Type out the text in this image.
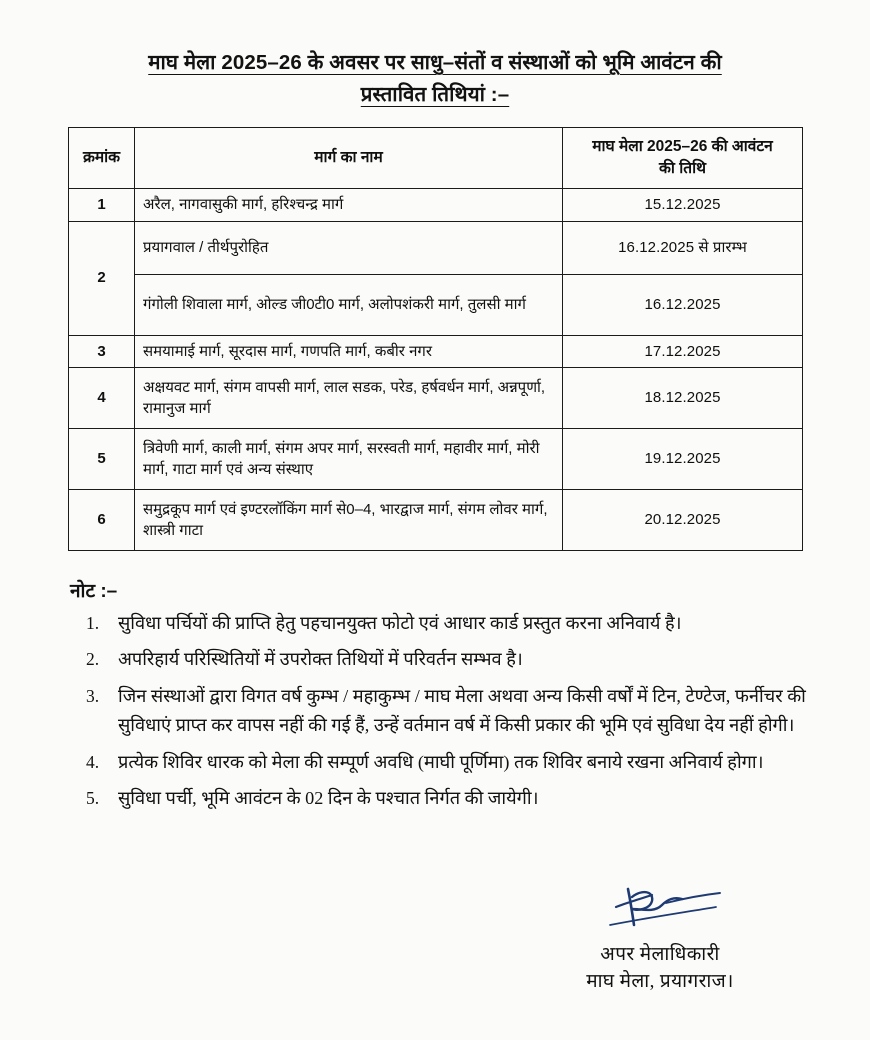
माघ मेला 2025–26 के अवसर पर साधु–संतों व संस्थाओं को भूमि आवंटन की
प्रस्तावित तिथियां :–
क्रमांक	मार्ग का नाम	माघ मेला 2025–26 की आवंटन
की तिथि
1	अरैल, नागवासुकी मार्ग, हरिश्चन्द्र मार्ग	15.12.2025
2	प्रयागवाल / तीर्थपुरोहित	16.12.2025 से प्रारम्भ
	गंगोली शिवाला मार्ग, ओल्ड जी0टी0 मार्ग, अलोपशंकरी मार्ग, तुलसी मार्ग	16.12.2025
3	समयामाई मार्ग, सूरदास मार्ग, गणपति मार्ग, कबीर नगर	17.12.2025
4	अक्षयवट मार्ग, संगम वापसी मार्ग, लाल सडक, परेड, हर्षवर्धन मार्ग, अन्नपूर्णा, रामानुज मार्ग	18.12.2025
5	त्रिवेणी मार्ग, काली मार्ग, संगम अपर मार्ग, सरस्वती मार्ग, महावीर मार्ग, मोरी मार्ग, गाटा मार्ग एवं अन्य संस्थाए	19.12.2025
6	समुद्रकूप मार्ग एवं इण्टरलॉकिंग मार्ग से0–4, भारद्वाज मार्ग, संगम लोवर मार्ग, शास्त्री गाटा	20.12.2025
नोट :–
सुविधा पर्चियों की प्राप्ति हेतु पहचानयुक्त फोटो एवं आधार कार्ड प्रस्तुत करना अनिवार्य है।
अपरिहार्य परिस्थितियों में उपरोक्त तिथियों में परिवर्तन सम्भव है।
जिन संस्थाओं द्वारा विगत वर्ष कुम्भ / महाकुम्भ / माघ मेला अथवा अन्य किसी वर्षों में टिन, टेण्टेज, फर्नीचर की सुविधाएं प्राप्त कर वापस नहीं की गई हैं, उन्हें वर्तमान वर्ष में किसी प्रकार की भूमि एवं सुविधा देय नहीं होगी।
प्रत्येक शिविर धारक को मेला की सम्पूर्ण अवधि (माघी पूर्णिमा) तक शिविर बनाये रखना अनिवार्य होगा।
सुविधा पर्ची, भूमि आवंटन के 02 दिन के पश्चात निर्गत की जायेगी।
अपर मेलाधिकारी
माघ मेला, प्रयागराज।
